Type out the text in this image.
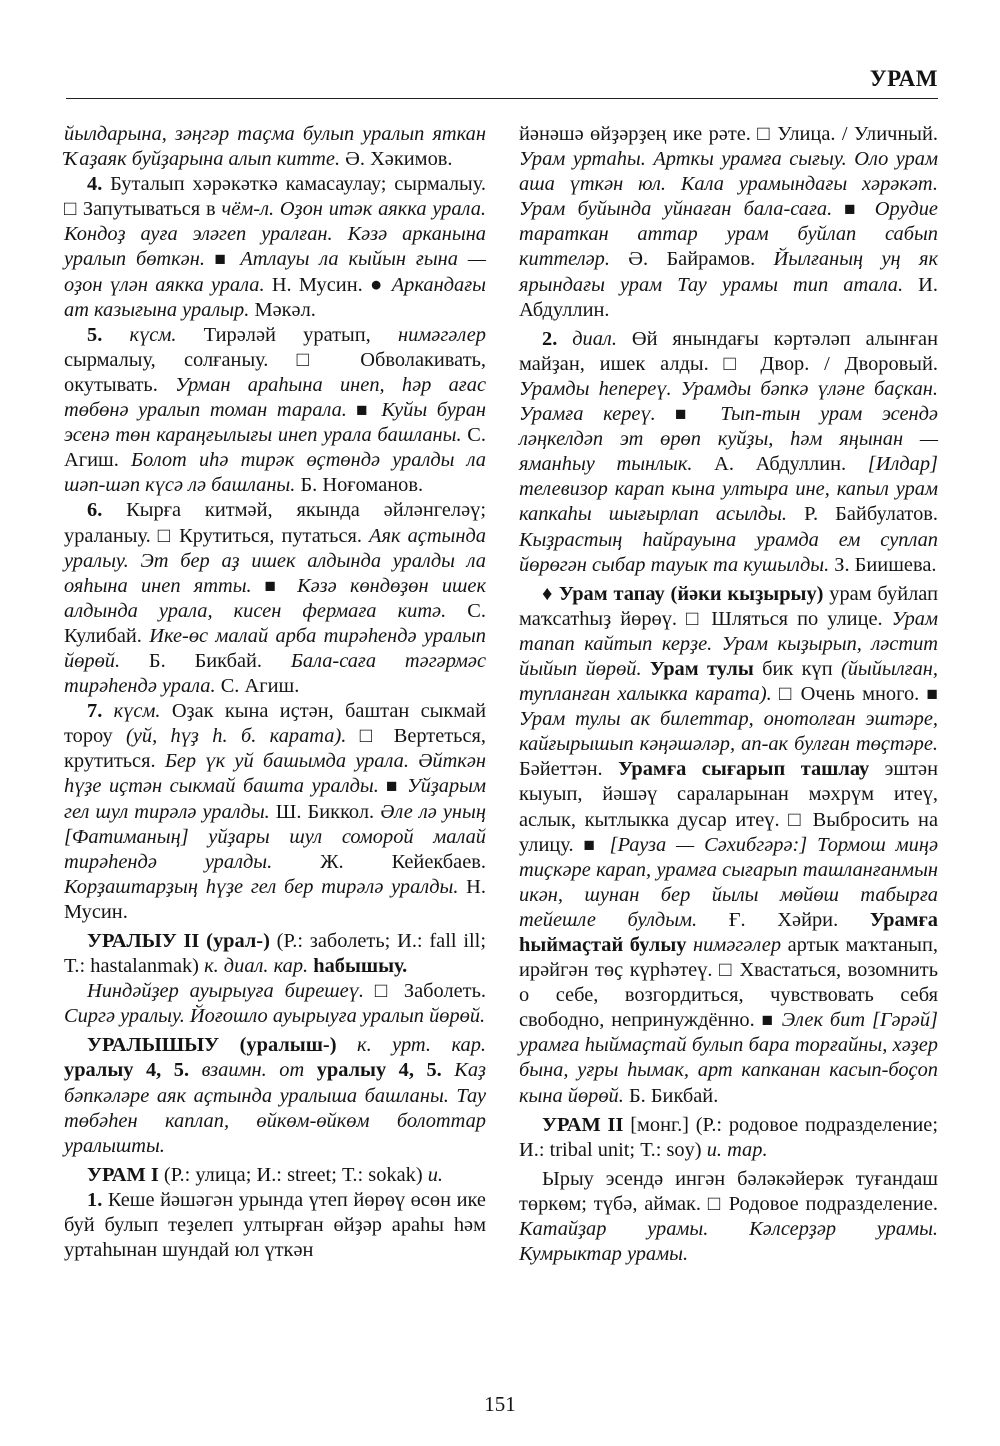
УРАМ

йылдарына, зәңгәр таҫма булып уралып яткан Ҡаҙаяк буйҙарына алып китте. Ә. Хәкимов.

4. Буталып хәрәкәткә камасаулау; сырмалыу. □ Запутываться в чём-л. Оҙон итәк аякка урала. Кондоҙ ауға эләгеп уралған. Кәзә арканына уралып бөткән. ■ Атлауы ла кыйын ғына — оҙон үлән аякка урала. Н. Мусин. ● Аркандағы ат казығына уралыр. Мәкәл.

5. күсм. Тирәләй уратып, нимәгәлер сырмалыу, солғаныу. □ Обволакивать, окутывать. Урман араһына инеп, һәр ағас төбөнә уралып томан тарала. ■ Куйы буран эсенә төн караңғылығы инеп урала башланы. С. Агиш. Болот иһә тирәк өҫтөндә уралды ла шәп-шәп күсә лә башланы. Б. Ноғоманов.

6. Кырға китмәй, якында әйләнгеләү; ураланыу. □ Крутиться, путаться. Аяк аҫтында уралыу. Эт бер аҙ ишек алдында уралды ла ояһына инеп ятты. ■ Кәзә көндөҙөн ишек алдында урала, кисен фермаға китә. С. Кулибай. Ике-өс малай арба тирәһендә уралып йөрөй. Б. Бикбай. Бала-саға тәгәрмәс тирәһендә урала. С. Агиш.

7. күсм. Оҙак кына иҫтән, баштан сыкмай тороу (уй, һүҙ һ. б. карата). □ Вертеться, крутиться. Бер үк уй башымда урала. Әйткән һүҙе иҫтән сыкмай башта уралды. ■ Уйҙарым гел шул тирәлә уралды. Ш. Биккол. Әле лә уның [Фатиманың] уйҙары шул соморой малай тирәһендә уралды. Ж. Кейекбаев. Корҙаштарҙың һүҙе гел бер тирәлә уралды. Н. Мусин.

УРАЛЫУ II (урал-) (Р.: заболеть; И.: fall ill; Т.: hastalanmak) к. диал. кар. һабышыу.

Ниндәйҙер ауырыуға бирешеү. □ Заболеть. Сиргә уралыу. Йоғошло ауырыуға уралып йөрөй.

УРАЛЫШЫУ (уралыш-) к. урт. кар. уралыу 4, 5. взаимн. от уралыу 4, 5. Каҙ бәпкәләре аяк аҫтында уралыша башланы. Тау төбәһен каплап, өйкөм-өйкөм болоттар уралышты.

УРАМ I (Р.: улица; И.: street; Т.: sokak) и.

1. Кеше йәшәгән урында үтеп йөрөү өсөн ике буй булып теҙелеп ултырған өйҙәр араһы һәм уртаһынан шундай юл үткән

йәнәшә өйҙәрҙең ике рәте. □ Улица. / Уличный. Урам уртаһы. Арткы урамға сығыу. Оло урам аша үткән юл. Кала урамындағы хәрәкәт. Урам буйында уйнаған бала-саға. ■ Орудие тараткан аттар урам буйлап сабып киттеләр. Ә. Байрамов. Йылғаның уң як ярындағы урам Тау урамы тип атала. И. Абдуллин.

2. диал. Өй янындағы кәртәләп алынған майҙан, ишек алды. □ Двор. / Дворовый. Урамды һепереү. Урамды бәпкә үләне баҫкан. Урамға кереү. ■ Тып-тын урам эсендә ләңкелдәп эт өрөп куйҙы, һәм яңынан — яманһыу тынлык. А. Абдуллин. [Илдар] телевизор карап кына ултыра ине, капыл урам капкаһы шығырлап асылды. Р. Байбулатов. Кыҙрастың һайрауына урамда ем суплап йөрөгән сыбар тауык та кушылды. З. Биишева.

♦ Урам тапау (йәки кыҙырыу) урам буйлап маҡсатһыҙ йөрөү. □ Шляться по улице. Урам тапап кайтып керҙе. Урам кыҙырып, ләстит йыйып йөрөй. Урам тулы бик күп (йыйылған, тупланған халыкка карата). □ Очень много. ■ Урам тулы ак билеттар, онотолған эштәре, кайғырышып кәңәшәләр, ап-ак булған төҫтәре. Бәйеттән. Урамға сығарып ташлау эштән кыуып, йәшәү сараларынан мәхрүм итеү, аслык, кытлыкка дусар итеү. □ Выбросить на улицу. ■ [Рауза — Сәхибгәрә:] Тормош миңә тиҫкәре карап, урамға сығарып ташланғанмын икән, шунан бер йылы мөйөш табырға тейешле булдым. Ғ. Хәйри. Урамға һыймаҫтай булыу нимәгәлер артык маҡтанып, ирәйгән төҫ күрһәтеү. □ Хвастаться, возомнить о себе, возгордиться, чувствовать себя свободно, непринуждённо. ■ Элек бит [Гәрәй] урамға һыймаҫтай булып бара торғайны, хәҙер бына, уғры һымак, арт капканан касып-боҫоп кына йөрөй. Б. Бикбай.

УРАМ II [монг.] (Р.: родовое подразделение; И.: tribal unit; Т.: soy) и. тар.

Ырыу эсендә ингән бәләкәйерәк туғандаш төркөм; түбә, аймак. □ Родовое подразделение. Катайҙар урамы. Кәлсерҙәр урамы. Кумрыктар урамы.

151
